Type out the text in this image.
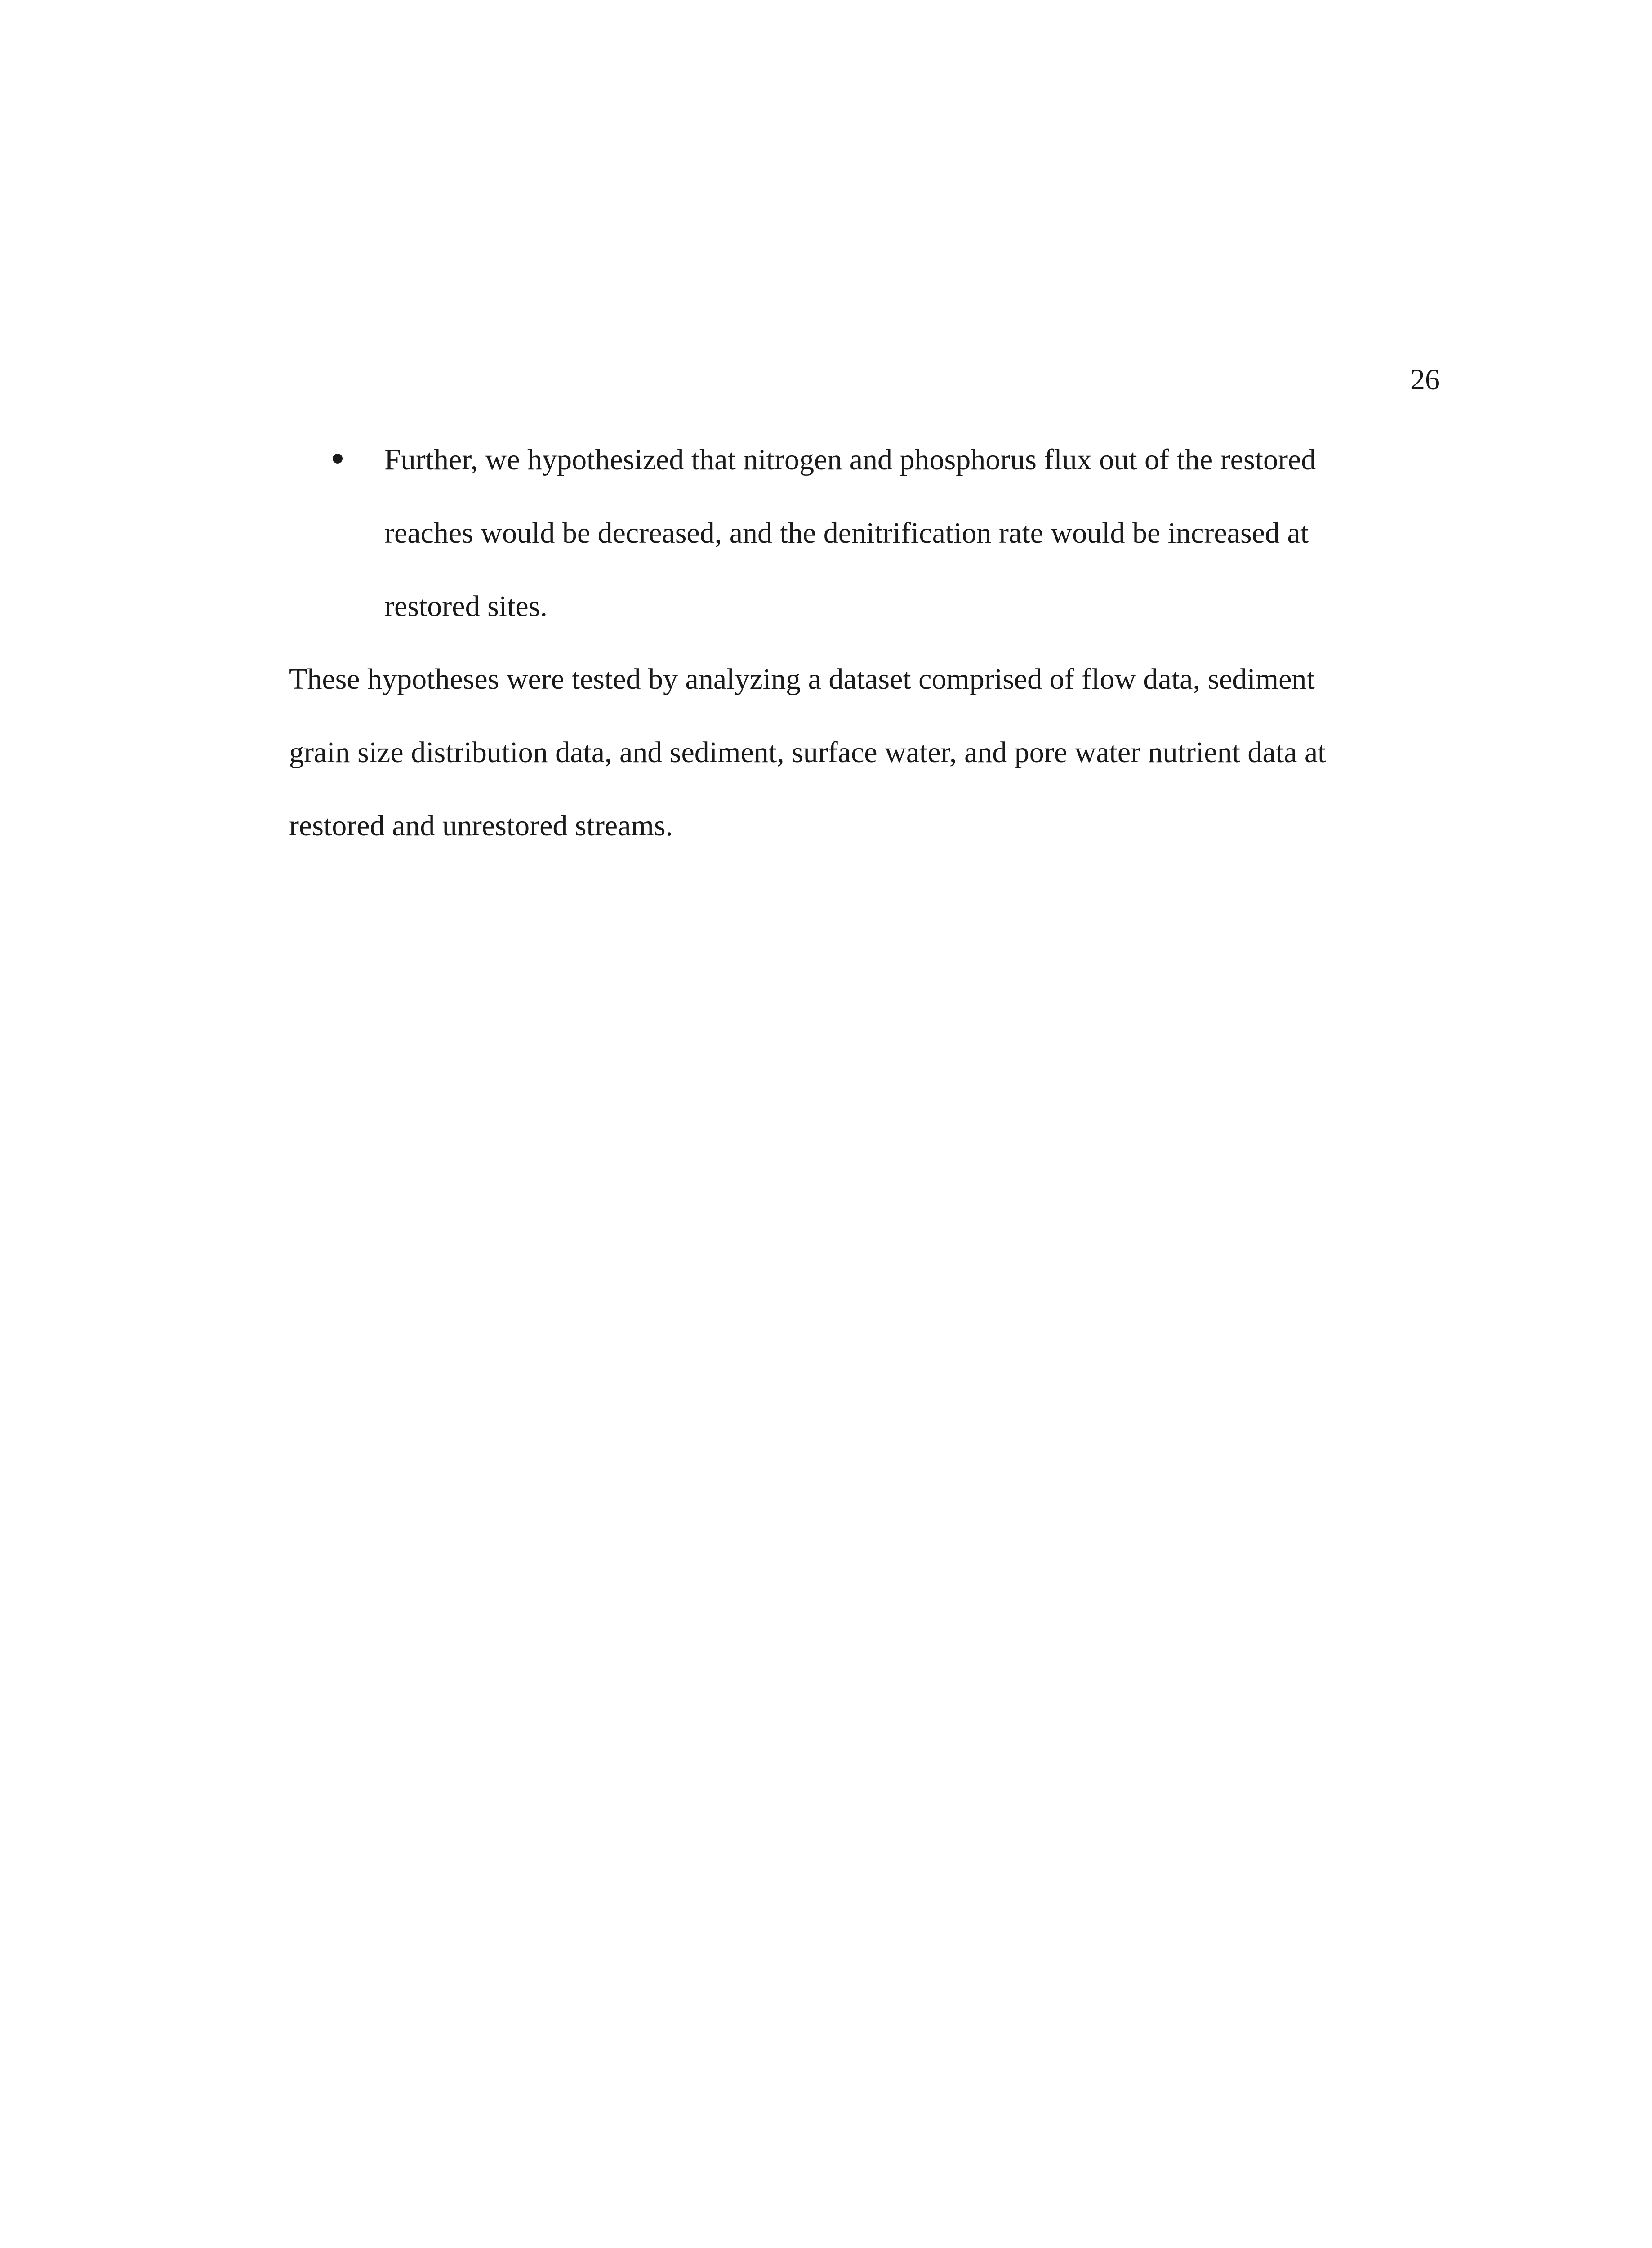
26
Further, we hypothesized that nitrogen and phosphorus flux out of the restored
reaches would be decreased, and the denitrification rate would be increased at
restored sites.
These hypotheses were tested by analyzing a dataset comprised of flow data, sediment
grain size distribution data, and sediment, surface water, and pore water nutrient data at
restored and unrestored streams.
